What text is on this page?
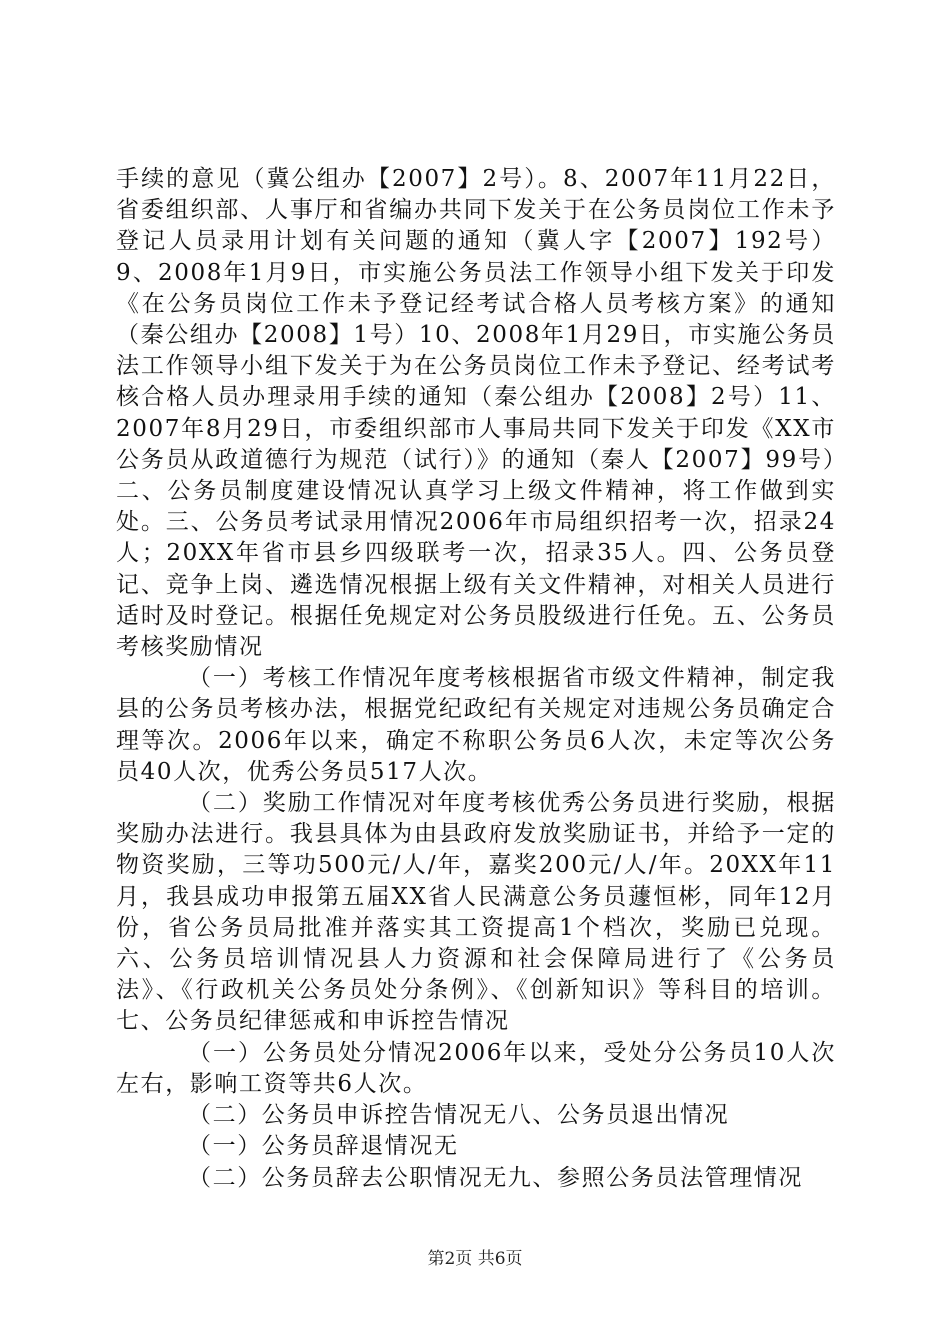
手续的意见（冀公组办【2007】2号）。8、2007年11月22日，省委组织部、人事厅和省编办共同下发关于在公务员岗位工作未予登记人员录用计划有关问题的通知（冀人字【2007】192号）9、2008年1月9日，市实施公务员法工作领导小组下发关于印发《在公务员岗位工作未予登记经考试合格人员考核方案》的通知（秦公组办【2008】1号）10、2008年1月29日，市实施公务员法工作领导小组下发关于为在公务员岗位工作未予登记、经考试考核合格人员办理录用手续的通知（秦公组办【2008】2号）11、2007年8月29日，市委组织部市人事局共同下发关于印发《XX市公务员从政道德行为规范（试行）》的通知（秦人【2007】99号）二、公务员制度建设情况认真学习上级文件精神，将工作做到实处。三、公务员考试录用情况2006年市局组织招考一次，招录24人；20XX年省市县乡四级联考一次，招录35人。四、公务员登记、竞争上岗、遴选情况根据上级有关文件精神，对相关人员进行适时及时登记。根据任免规定对公务员股级进行任免。五、公务员考核奖励情况

（一）考核工作情况年度考核根据省市级文件精神，制定我县的公务员考核办法，根据党纪政纪有关规定对违规公务员确定合理等次。2006年以来，确定不称职公务员6人次，未定等次公务员40人次，优秀公务员517人次。

（二）奖励工作情况对年度考核优秀公务员进行奖励，根据奖励办法进行。我县具体为由县政府发放奖励证书，并给予一定的物资奖励，三等功500元/人/年，嘉奖200元/人/年。20XX年11月，我县成功申报第五届XX省人民满意公务员蘧恒彬，同年12月份，省公务员局批准并落实其工资提高1个档次，奖励已兑现。六、公务员培训情况县人力资源和社会保障局进行了《公务员法》、《行政机关公务员处分条例》、《创新知识》等科目的培训。七、公务员纪律惩戒和申诉控告情况

（一）公务员处分情况2006年以来，受处分公务员10人次左右，影响工资等共6人次。

（二）公务员申诉控告情况无八、公务员退出情况

（一）公务员辞退情况无

（二）公务员辞去公职情况无九、参照公务员法管理情况

第2页 共6页
